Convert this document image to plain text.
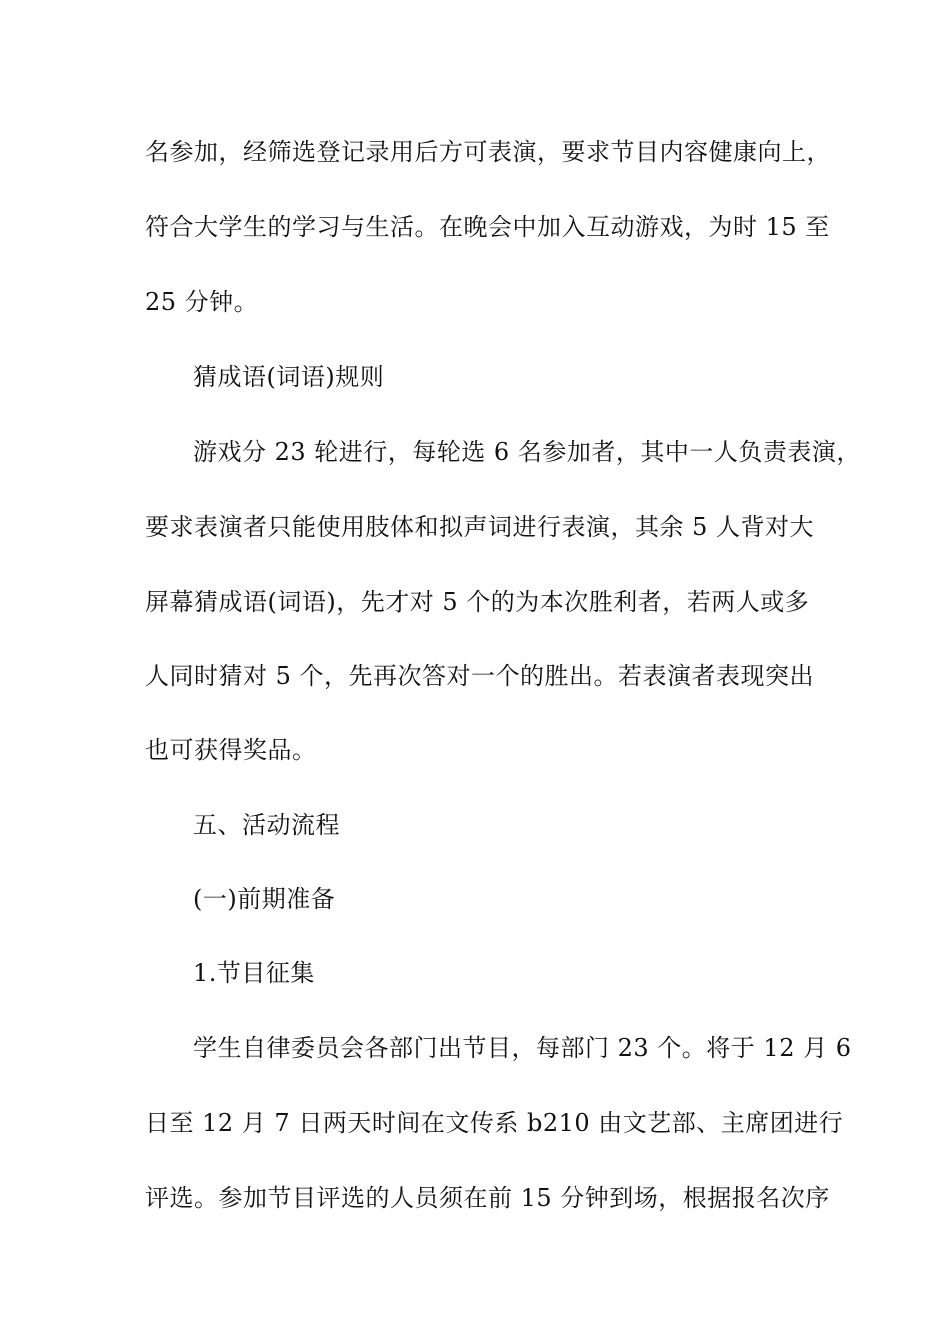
名参加，经筛选登记录用后方可表演，要求节目内容健康向上，
符合大学生的学习与生活。在晚会中加入互动游戏，为时 15 至
25 分钟。
猜成语(词语)规则
游戏分 23 轮进行，每轮选 6 名参加者，其中一人负责表演，
要求表演者只能使用肢体和拟声词进行表演，其余 5 人背对大
屏幕猜成语(词语)，先才对 5 个的为本次胜利者，若两人或多
人同时猜对 5 个，先再次答对一个的胜出。若表演者表现突出
也可获得奖品。
五、活动流程
(一)前期准备
1.节目征集
学生自律委员会各部门出节目，每部门 23 个。将于 12 月 6
日至 12 月 7 日两天时间在文传系 b210 由文艺部、主席团进行
评选。参加节目评选的人员须在前 15 分钟到场，根据报名次序
